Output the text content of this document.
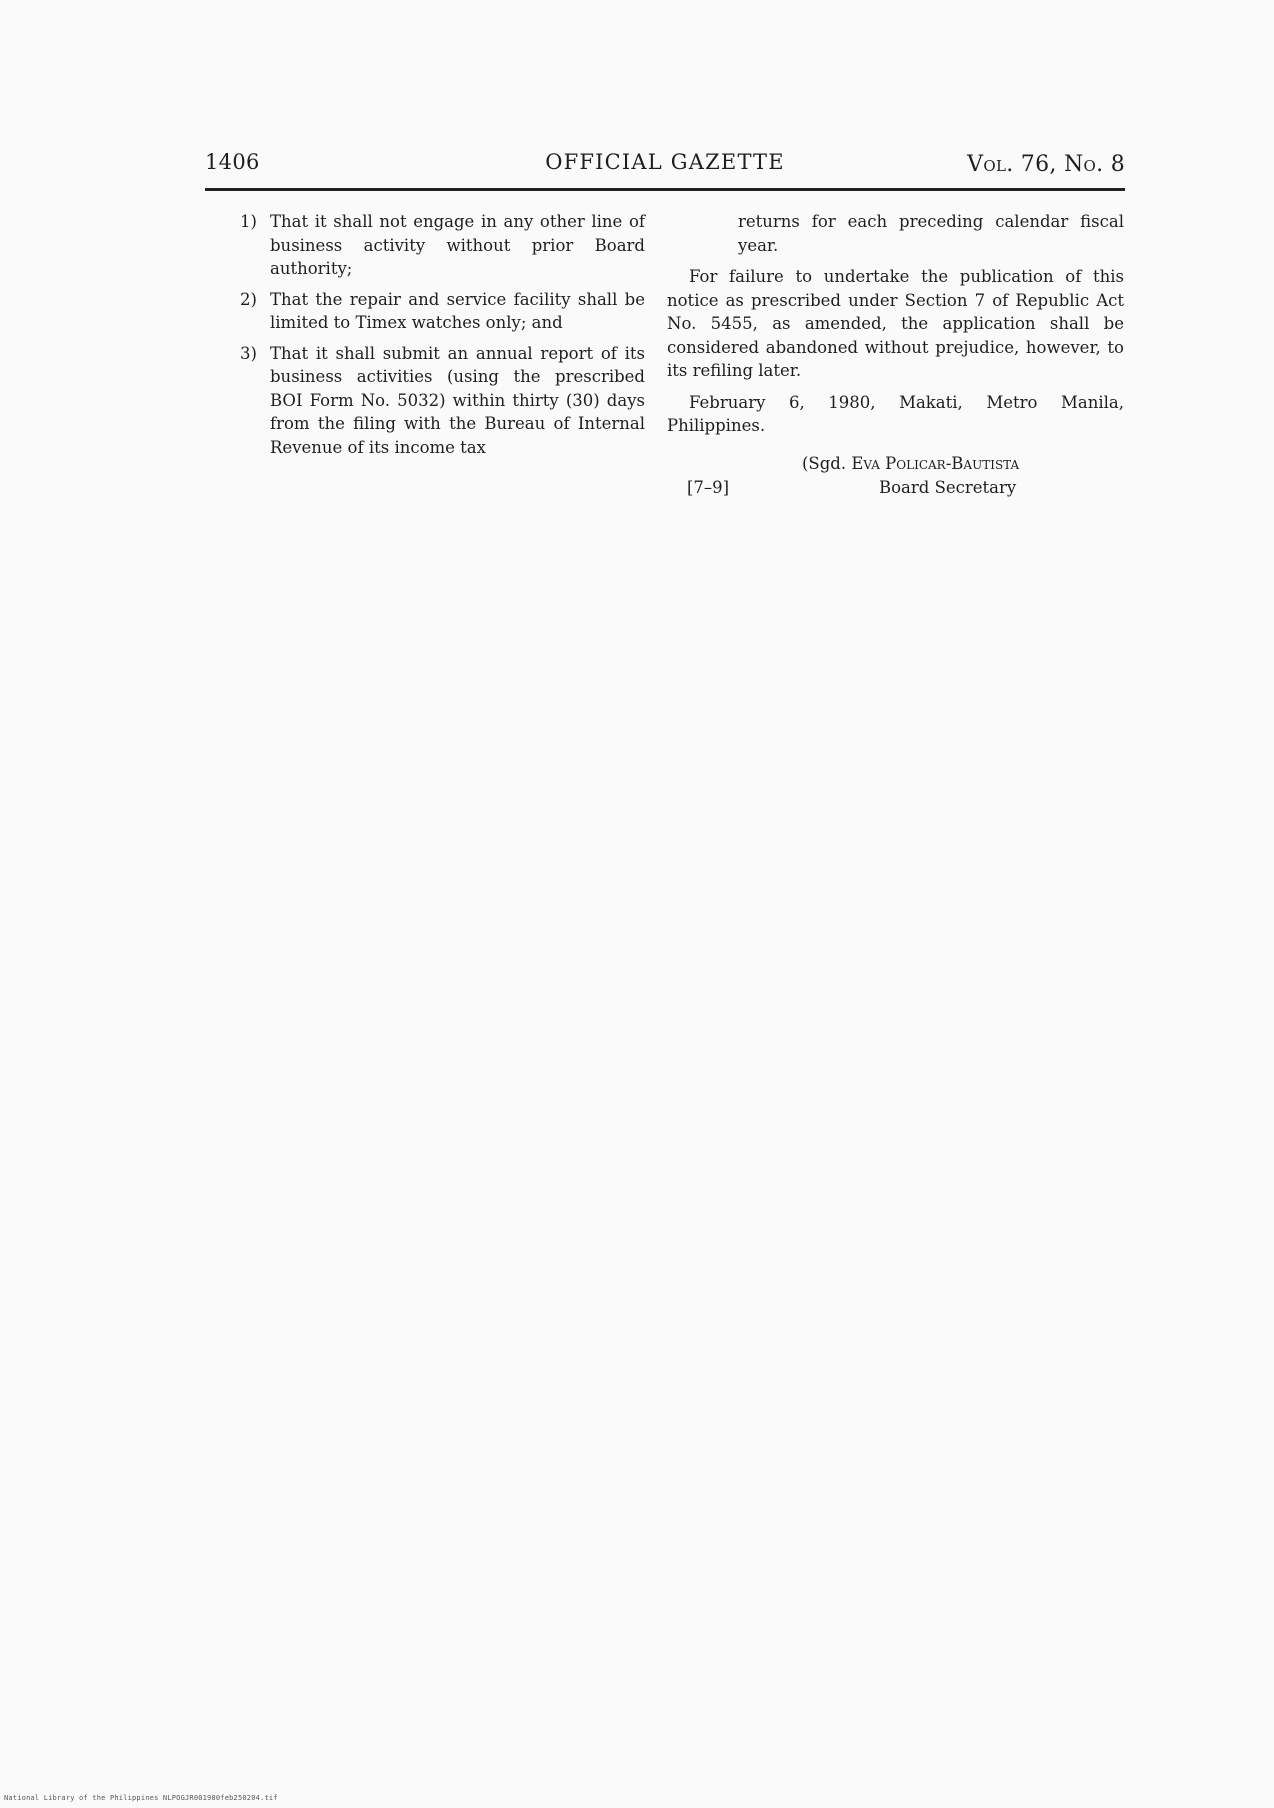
1406	OFFICIAL GAZETTE	Vol. 76, No. 8
1) That it shall not engage in any other line of business activity without prior Board authority;
2) That the repair and service facility shall be limited to Timex watches only; and
3) That it shall submit an annual report of its business activities (using the prescribed BOI Form No. 5032) within thirty (30) days from the filing with the Bureau of Internal Revenue of its income tax
returns for each preceding calendar fiscal year.

For failure to undertake the publication of this notice as prescribed under Section 7 of Republic Act No. 5455, as amended, the application shall be considered abandoned without prejudice, however, to its refiling later.

February 6, 1980, Makati, Metro Manila, Philippines.

(Sgd. Eva Policar-Bautista
[7–9]	Board Secretary
National Library of the Philippines NLPOGJR001980feb250204.tif
